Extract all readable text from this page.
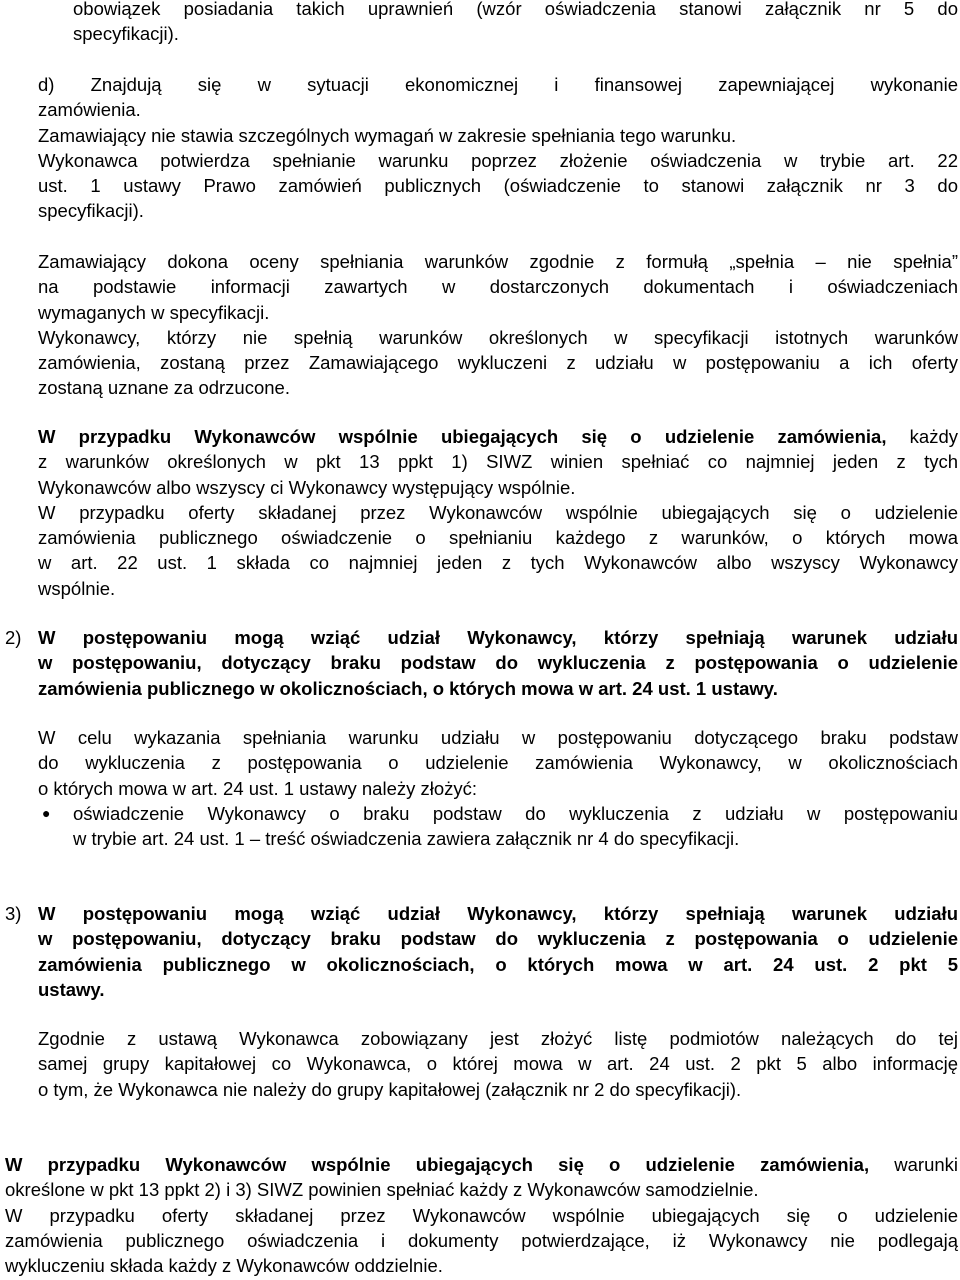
obowiązek posiadania takich uprawnień (wzór oświadczenia stanowi załącznik nr 5 do
specyfikacji).
d) Znajdują się w sytuacji ekonomicznej i finansowej zapewniającej wykonanie
zamówienia.
Zamawiający nie stawia szczególnych wymagań w zakresie spełniania tego warunku.
Wykonawca potwierdza spełnianie warunku poprzez złożenie oświadczenia w trybie art. 22
ust. 1 ustawy Prawo zamówień publicznych (oświadczenie to stanowi załącznik nr 3 do
specyfikacji).
Zamawiający dokona oceny spełniania warunków zgodnie z formułą „spełnia – nie spełnia”
na podstawie informacji zawartych w dostarczonych dokumentach i oświadczeniach
wymaganych w specyfikacji.
Wykonawcy, którzy nie spełnią warunków określonych w specyfikacji istotnych warunków
zamówienia, zostaną przez Zamawiającego wykluczeni z udziału w postępowaniu a ich oferty
zostaną uznane za odrzucone.
W przypadku Wykonawców wspólnie ubiegających się o udzielenie zamówienia, każdy
z warunków określonych w pkt 13 ppkt 1) SIWZ winien spełniać co najmniej jeden z tych
Wykonawców albo wszyscy ci Wykonawcy występujący wspólnie.
W przypadku oferty składanej przez Wykonawców wspólnie ubiegających się o udzielenie
zamówienia publicznego oświadczenie o spełnianiu każdego z warunków, o których mowa
w art. 22 ust. 1 składa co najmniej jeden z tych Wykonawców albo wszyscy Wykonawcy
wspólnie.
2) W postępowaniu mogą wziąć udział Wykonawcy, którzy spełniają warunek udziału
w postępowaniu, dotyczący braku podstaw do wykluczenia z postępowania o udzielenie
zamówienia publicznego w okolicznościach, o których mowa w art. 24 ust. 1 ustawy.
W celu wykazania spełniania warunku udziału w postępowaniu dotyczącego braku podstaw
do wykluczenia z postępowania o udzielenie zamówienia Wykonawcy, w okolicznościach
o których mowa w art. 24 ust. 1 ustawy należy złożyć:
● oświadczenie Wykonawcy o braku podstaw do wykluczenia z udziału w postępowaniu
w trybie art. 24 ust. 1 – treść oświadczenia zawiera załącznik nr 4 do specyfikacji.
3) W postępowaniu mogą wziąć udział Wykonawcy, którzy spełniają warunek udziału
w postępowaniu, dotyczący braku podstaw do wykluczenia z postępowania o udzielenie
zamówienia publicznego w okolicznościach, o których mowa w art. 24 ust. 2 pkt 5
ustawy.
Zgodnie z ustawą Wykonawca zobowiązany jest złożyć listę podmiotów należących do tej
samej grupy kapitałowej co Wykonawca, o której mowa w art. 24 ust. 2 pkt 5 albo informację
o tym, że Wykonawca nie należy do grupy kapitałowej (załącznik nr 2 do specyfikacji).
W przypadku Wykonawców wspólnie ubiegających się o udzielenie zamówienia, warunki
określone w pkt 13 ppkt 2) i 3) SIWZ powinien spełniać każdy z Wykonawców samodzielnie.
W przypadku oferty składanej przez Wykonawców wspólnie ubiegających się o udzielenie
zamówienia publicznego oświadczenia i dokumenty potwierdzające, iż Wykonawcy nie podlegają
wykluczeniu składa każdy z Wykonawców oddzielnie.
